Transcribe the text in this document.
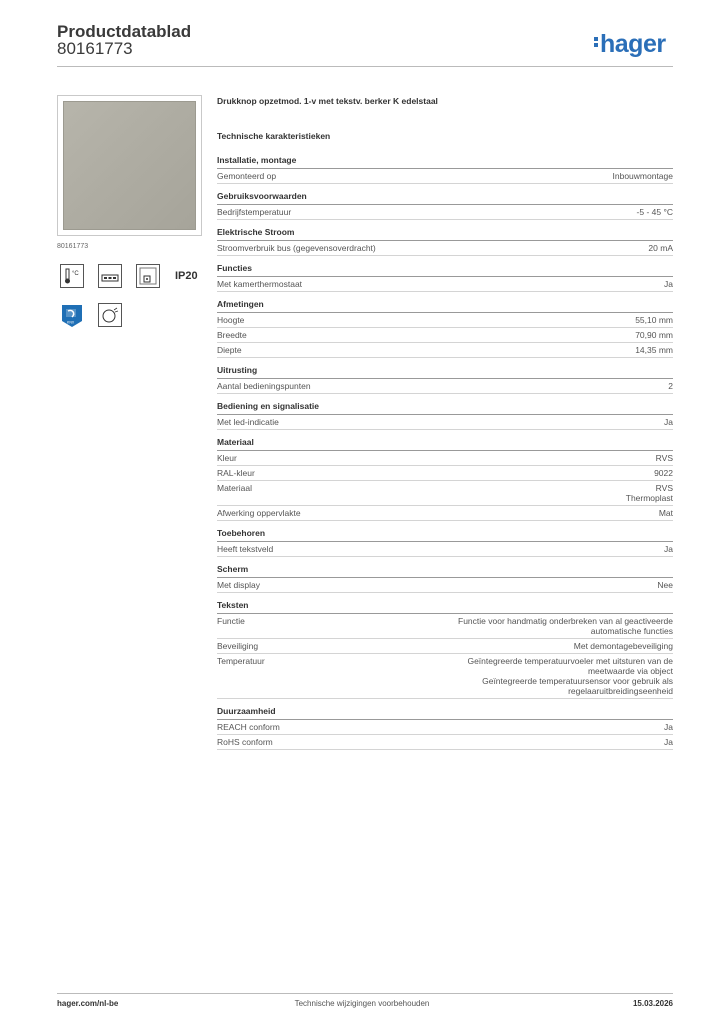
Productdatablad
80161773	hager
80161773
°C	IP20
KNX
Drukknop opzetmod. 1-v met tekstv. berker K edelstaal
Technische karakteristieken
Installatie, montage
Gemonteerd op	Inbouwmontage
Gebruiksvoorwaarden
Bedrijfstemperatuur	-5 - 45 °C
Elektrische Stroom
Stroomverbruik bus (gegevensoverdracht)	20 mA
Functies
Met kamerthermostaat	Ja
Afmetingen
Hoogte	55,10 mm
Breedte	70,90 mm
Diepte	14,35 mm
Uitrusting
Aantal bedieningspunten	2
Bediening en signalisatie
Met led-indicatie	Ja
Materiaal
Kleur	RVS
RAL-kleur	9022
Materiaal	RVS
Thermoplast
Afwerking oppervlakte	Mat
Toebehoren
Heeft tekstveld	Ja
Scherm
Met display	Nee
Teksten
Functie	Functie voor handmatig onderbreken van al geactiveerde
automatische functies
Beveiliging	Met demontagebeveiliging
Temperatuur	Geïntegreerde temperatuurvoeler met uitsturen van de
meetwaarde via object
Geïntegreerde temperatuursensor voor gebruik als
regelaaruitbreidingseenheid
Duurzaamheid
REACH conform	Ja
RoHS conform	Ja
hager.com/nl-be	Technische wijzigingen voorbehouden	15.03.2026
